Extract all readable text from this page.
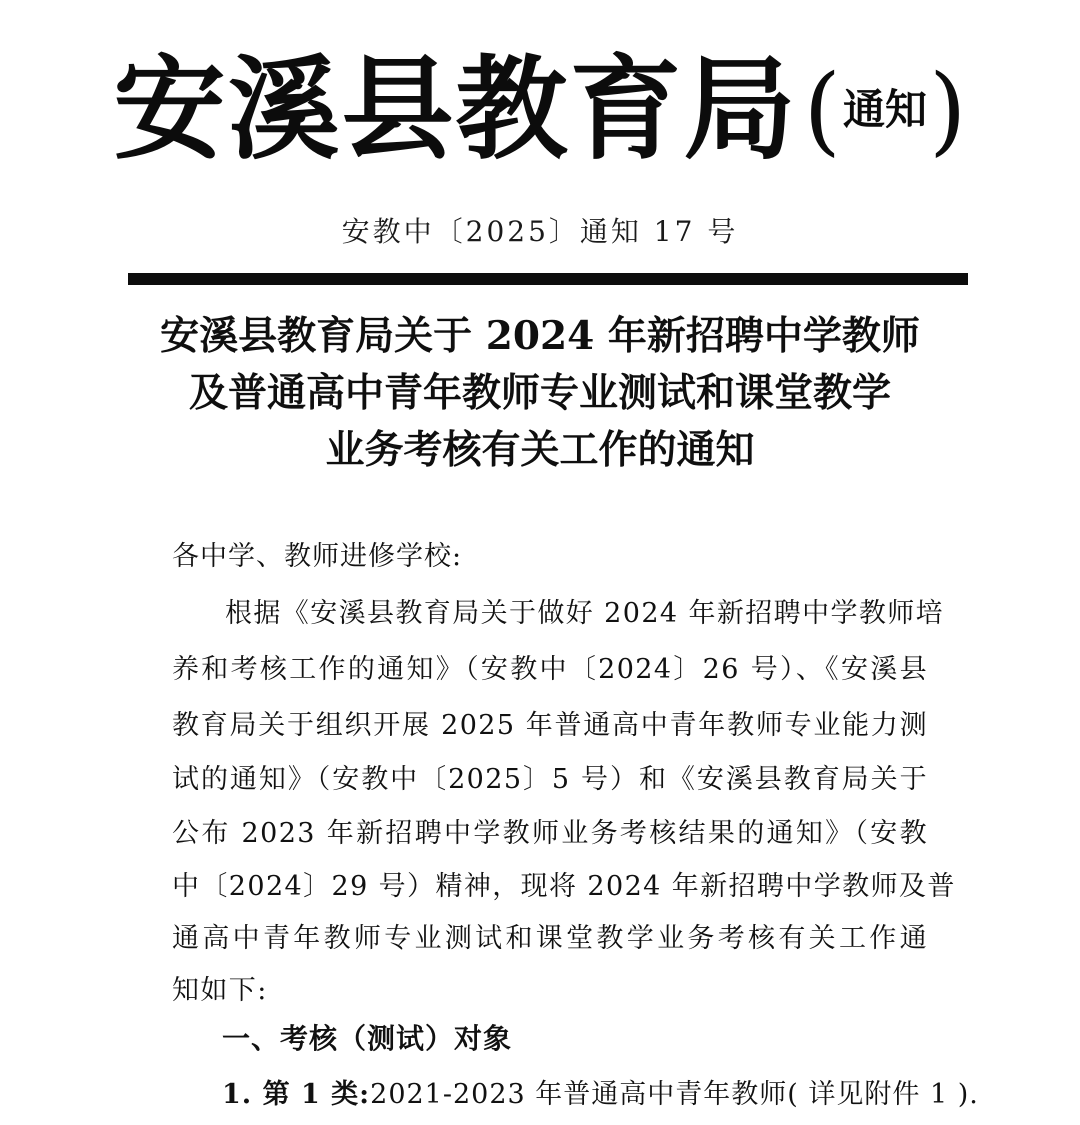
安溪县教育局 ( 通知 )
安教中〔2025〕通知 17 号
安溪县教育局关于 2024 年新招聘中学教师
及普通高中青年教师专业测试和课堂教学
业务考核有关工作的通知
各中学、教师进修学校:
根据《安溪县教育局关于做好 2024 年新招聘中学教师培
养和考核工作的通知》（安教中〔2024〕26 号）、《安溪县
教育局关于组织开展 2025 年普通高中青年教师专业能力测
试的通知》（安教中〔2025〕5 号）和《安溪县教育局关于
公布 2023 年新招聘中学教师业务考核结果的通知》（安教
中〔2024〕29 号）精神，现将 2024 年新招聘中学教师及普
通高中青年教师专业测试和课堂教学业务考核有关工作通
知如下:
一、考核（测试）对象
1. 第 1 类:2021-2023 年普通高中青年教师( 详见附件 1 ).
